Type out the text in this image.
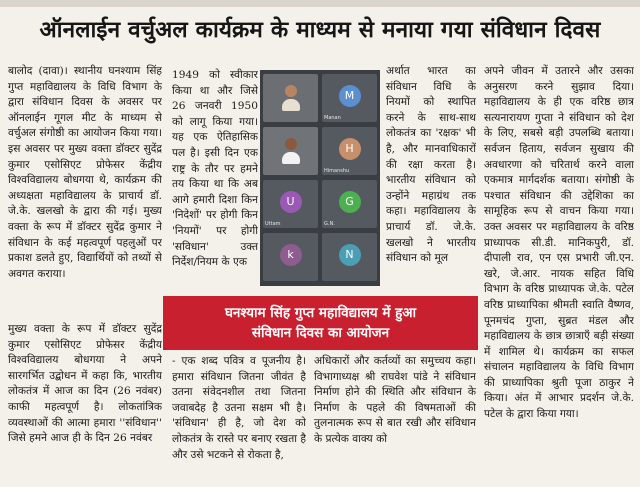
ऑनलाईन वर्चुअल कार्यक्रम के माध्यम से मनाया गया संविधान दिवस

बालोद (दावा)। स्थानीय घनश्याम सिंह गुप्त महाविद्यालय के विधि विभाग के द्वारा संविधान दिवस के अवसर पर ऑनलाईन गूगल मीट के माध्यम से वर्चुअल संगोष्ठी का आयोजन किया गया। इस अवसर पर मुख्य वक्ता डॉक्टर सुदेंद्र कुमार एसोसिएट प्रोफेसर केंद्रीय विश्वविद्यालय बोधगया थे, कार्यक्रम की अध्यक्षता महाविद्यालय के प्राचार्य डॉ. जे.के. खलखो के द्वारा की गई। मुख्य वक्ता के रूप में डॉक्टर सुदेंद्र कुमार ने संविधान के कई महत्वपूर्ण पहलुओं पर प्रकाश डलते हुए, विद्यार्थियों को तथ्यों से अवगत कराया।

मुख्य वक्ता के रूप में डॉक्टर सुदेंद्र कुमार एसोसिएट प्रोफेसर केंद्रीय विश्वविद्यालय बोधगया ने अपने सारगर्भित उद्बोधन में कहा कि, भारतीय लोकतंत्र में आज का दिन (26 नवंबर) काफी महत्वपूर्ण है। लोकतांत्रिक व्यवस्थाओं की आत्मा हमारा ''संविधान'' जिसे हमने आज ही के दिन 26 नवंबर

1949 को स्वीकार किया था और जिसे 26 जनवरी 1950 को लागू किया गया। यह एक ऐतिहासिक पल है। इसी दिन एक राष्ट्र के तौर पर हमने तय किया था कि अब आगे हमारी दिशा किन 'निदेशों' पर होगी किन 'नियमों' पर होगी 'सविधान' उक्त निर्देश/नियम के एक

- एक शब्द पवित्र व पूजनीय है। हमारा संविधान जितना जीवंत है उतना संवेदनशील तथा जितना जवाबदेह है उतना सक्षम भी है। 'संविधान' ही है, जो देश को लोकतंत्र के रास्ते पर बनाए रखता है और उसे भटकने से रोकता है,

M
Manan
H
Himanshu
U
Uttam
G
G.N.
k	N

अर्थात भारत का संविधान विधि के नियमों को स्थापित करने के साथ-साथ लोकतंत्र का 'रक्षक' भी है, और मानवाधिकारों की रक्षा करता है। भारतीय संविधान को उन्होंने महाग्रंथ तक कहा। महाविद्यालय के प्राचार्य डॉ. जे.के. खलखो ने भारतीय संविधान को मूल

अधिकारों और कर्तव्यों का समुच्चय कहा। विभागाध्यक्ष श्री राघवेश पांडे ने संविधान निर्माण होने की स्थिति और संविधान के निर्माण के पहले की विषमताओं की तुलनात्मक रूप से बात रखी और संविधान के प्रत्येक वाक्य को

अपने जीवन में उतारने और उसका अनुसरण करने सुझाव दिया। महाविद्यालय के ही एक वरिष्ठ छात्र सत्यनारायण गुप्ता ने संविधान को देश के लिए, सबसे बड़ी उपलब्धि बताया। सर्वजन हिताय, सर्वजन सुखाय की अवधारणा को चरितार्थ करने वाला एकमात्र मार्गदर्शक बताया। संगोष्ठी के पश्चात संविधान की उद्देशिका का सामूहिक रूप से वाचन किया गया। उक्त अवसर पर महाविद्यालय के वरिष्ठ प्राध्यापक सी.डी. मानिकपुरी, डॉ. दीपाली राव, एन एस प्रभारी जी.एन. खरे, जे.आर. नायक सहित विधि विभाग के वरिष्ठ प्राध्यापक जे.के. पटेल वरिष्ठ प्राध्यापिका श्रीमती स्वाति वैष्णव, पूनमचंद गुप्ता, सुब्रत मंडल और महाविद्यालय के छात्र छात्राएँ बड़ी संख्या में शामिल थे। कार्यक्रम का सफल संचालन महाविद्यालय के विधि विभाग की प्राध्यापिका श्रुती पूजा ठाकुर ने किया। अंत में आभार प्रदर्शन जे.के. पटेल के द्वारा किया गया।

घनश्याम सिंह गुप्त महाविद्यालय में हुआ
संविधान दिवस का आयोजन
